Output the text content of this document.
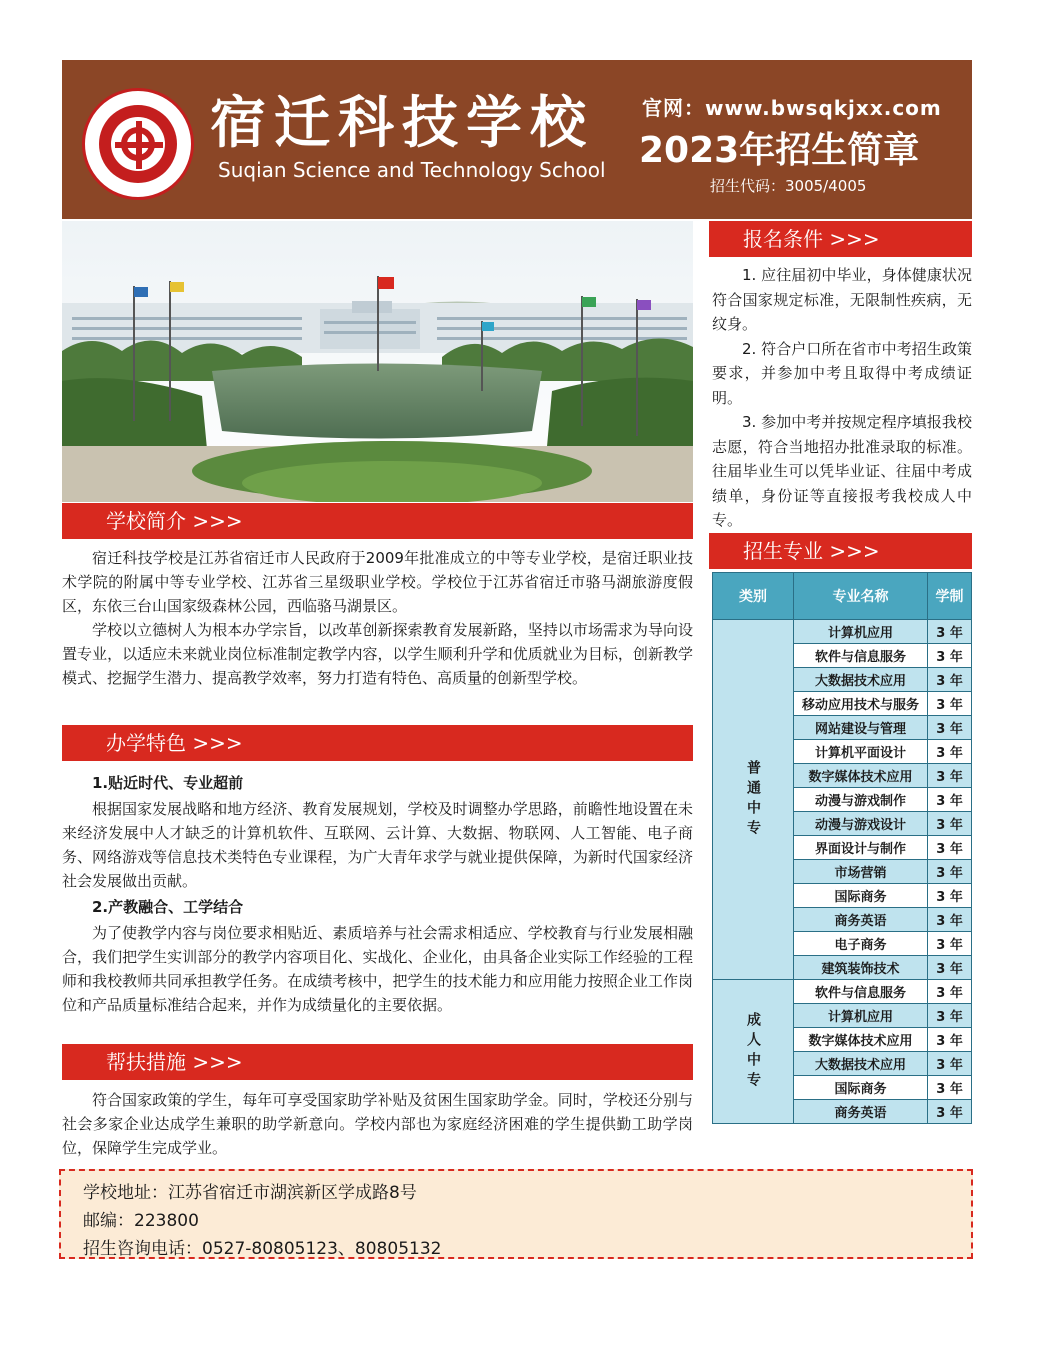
宿迁科技学校
Suqian Science and Technology School
官网：www.bwsqkjxx.com
2023年招生简章
招生代码：3005/4005
学校简介 >>>

宿迁科技学校是江苏省宿迁市人民政府于2009年批准成立的中等专业学校，是宿迁职业技术学院的附属中等专业学校、江苏省三星级职业学校。学校位于江苏省宿迁市骆马湖旅游度假区，东依三台山国家级森林公园，西临骆马湖景区。

学校以立德树人为根本办学宗旨，以改革创新探索教育发展新路，坚持以市场需求为导向设置专业，以适应未来就业岗位标准制定教学内容，以学生顺利升学和优质就业为目标，创新教学模式、挖掘学生潜力、提高教学效率，努力打造有特色、高质量的创新型学校。

办学特色 >>>
1.贴近时代、专业超前

根据国家发展战略和地方经济、教育发展规划，学校及时调整办学思路，前瞻性地设置在未来经济发展中人才缺乏的计算机软件、互联网、云计算、大数据、物联网、人工智能、电子商务、网络游戏等信息技术类特色专业课程，为广大青年求学与就业提供保障，为新时代国家经济社会发展做出贡献。

2.产教融合、工学结合

为了使教学内容与岗位要求相贴近、素质培养与社会需求相适应、学校教育与行业发展相融合，我们把学生实训部分的教学内容项目化、实战化、企业化，由具备企业实际工作经验的工程师和我校教师共同承担教学任务。在成绩考核中，把学生的技术能力和应用能力按照企业工作岗位和产品质量标准结合起来，并作为成绩量化的主要依据。

帮扶措施 >>>

符合国家政策的学生，每年可享受国家助学补贴及贫困生国家助学金。同时，学校还分别与社会多家企业达成学生兼职的助学新意向。学校内部也为家庭经济困难的学生提供勤工助学岗位，保障学生完成学业。

报名条件 >>>

1. 应往届初中毕业，身体健康状况符合国家规定标准，无限制性疾病，无纹身。

2. 符合户口所在省市中考招生政策要求，并参加中考且取得中考成绩证明。

3. 参加中考并按规定程序填报我校志愿，符合当地招办批准录取的标准。往届毕业生可以凭毕业证、往届中考成绩单，身份证等直接报考我校成人中专。

招生专业 >>>
类别	专业名称	学制
普通中专	计算机应用	3 年
	软件与信息服务	3 年
	大数据技术应用	3 年
	移动应用技术与服务	3 年
	网站建设与管理	3 年
	计算机平面设计	3 年
	数字媒体技术应用	3 年
	动漫与游戏制作	3 年
	动漫与游戏设计	3 年
	界面设计与制作	3 年
	市场营销	3 年
	国际商务	3 年
	商务英语	3 年
	电子商务	3 年
	建筑装饰技术	3 年
成人中专	软件与信息服务	3 年
	计算机应用	3 年
	数字媒体技术应用	3 年
	大数据技术应用	3 年
	国际商务	3 年
	商务英语	3 年
学校地址：江苏省宿迁市湖滨新区学成路8号
邮编：223800
招生咨询电话：0527-80805123、80805132
